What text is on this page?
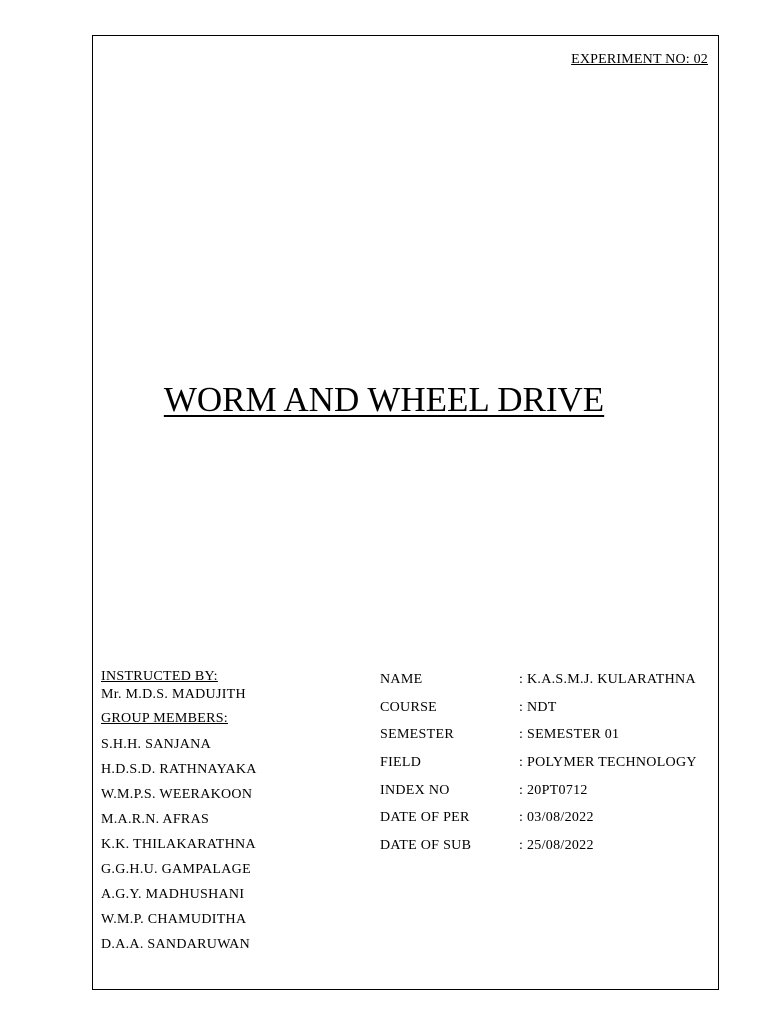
EXPERIMENT NO: 02
WORM AND WHEEL DRIVE
INSTRUCTED BY:
Mr. M.D.S. MADUJITH
GROUP MEMBERS:
S.H.H. SANJANA
H.D.S.D. RATHNAYAKA
W.M.P.S. WEERAKOON
M.A.R.N. AFRAS
K.K. THILAKARATHNA
G.G.H.U. GAMPALAGE
A.G.Y. MADHUSHANI
W.M.P. CHAMUDITHA
D.A.A. SANDARUWAN
NAME	: K.A.S.M.J. KULARATHNA
COURSE	: NDT
SEMESTER	: SEMESTER 01
FIELD	: POLYMER TECHNOLOGY
INDEX NO	: 20PT0712
DATE OF PER	: 03/08/2022
DATE OF SUB	: 25/08/2022
